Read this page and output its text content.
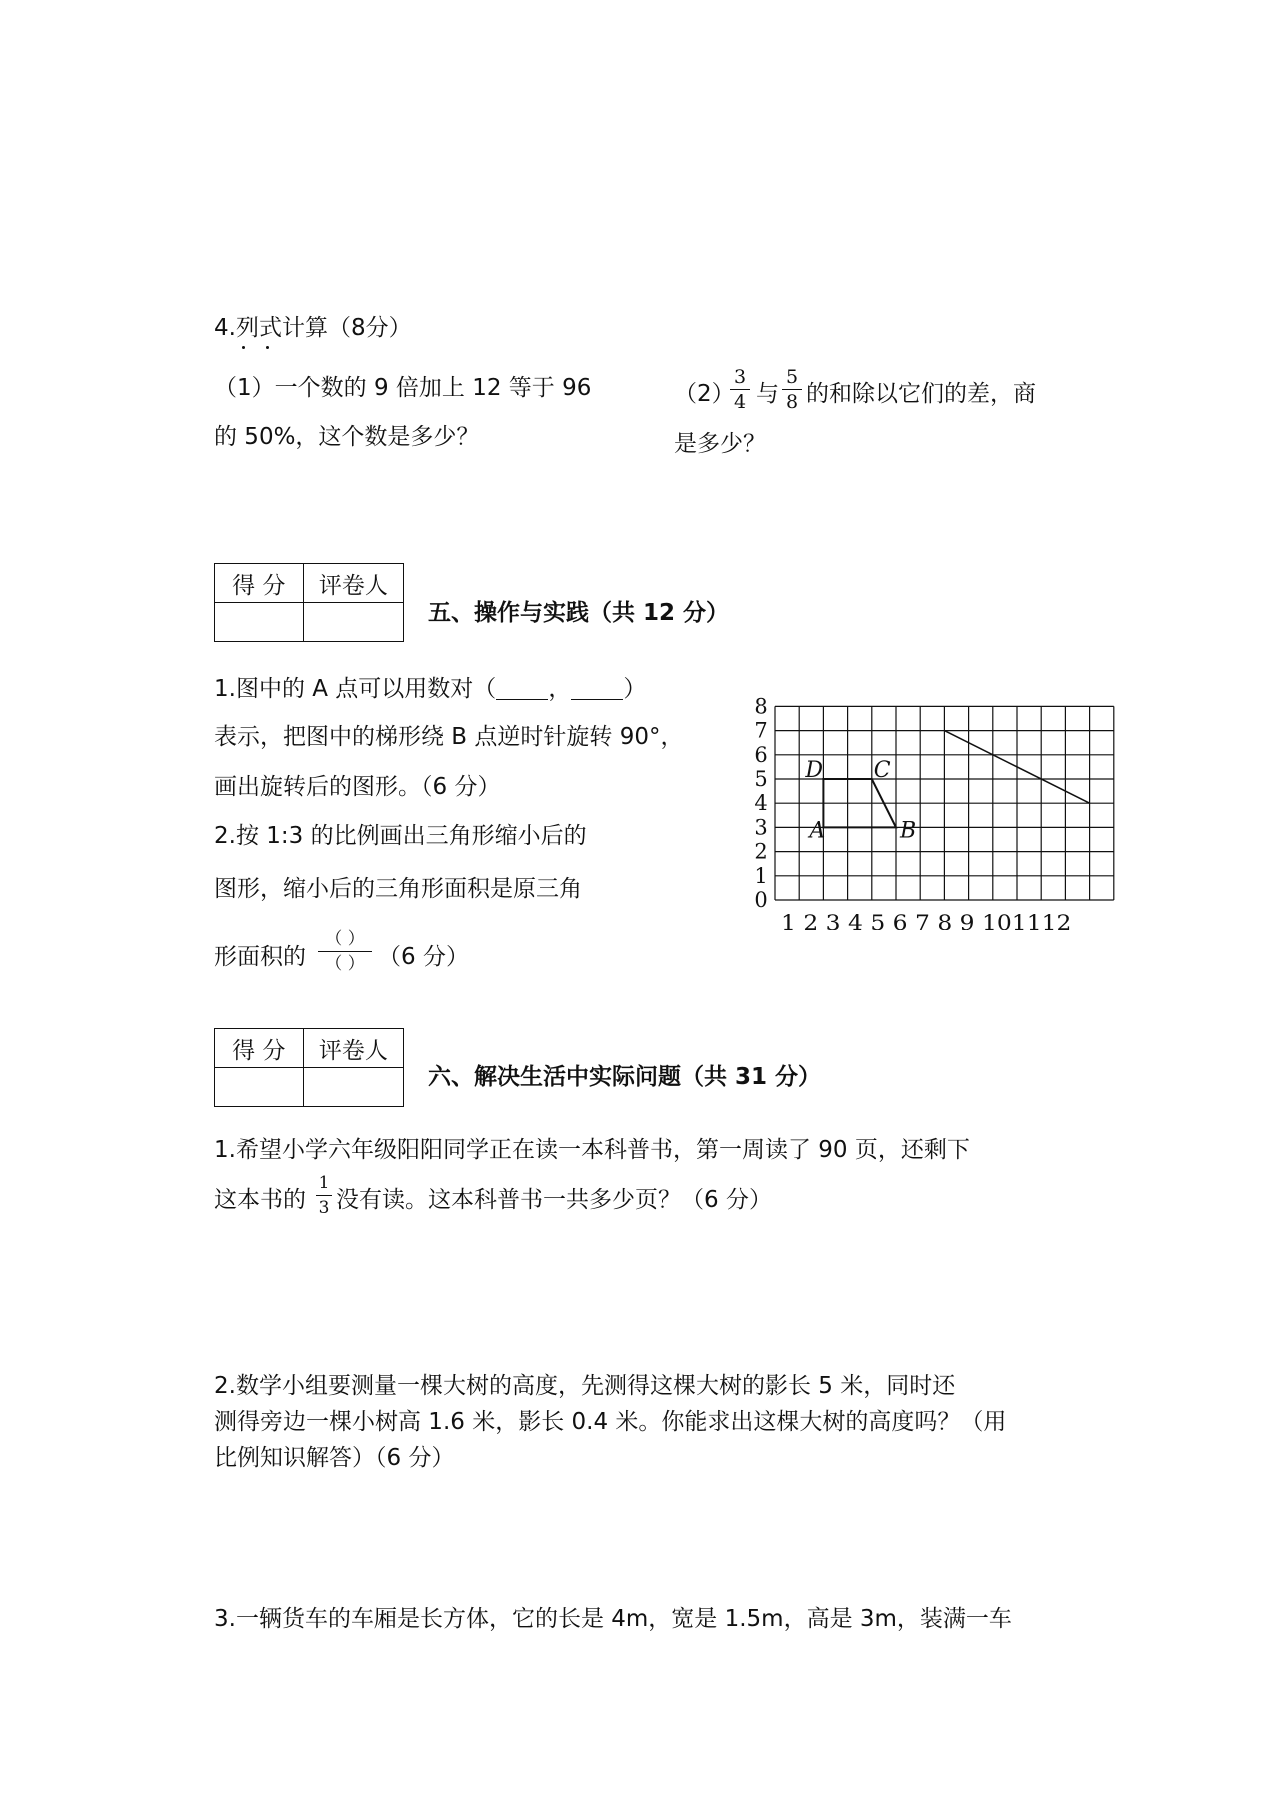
4.列式计算（8分）
（1）一个数的 9 倍加上 12 等于 96
的 50%，这个数是多少？
（2）
3
4 与
5
8 的和除以它们的差，商
是多少？
得 分	评卷人

五、操作与实践（共 12 分）
1.图中的 A 点可以用数对（ ， ）
表示，把图中的梯形绕 B 点逆时针旋转 90°，
画出旋转后的图形。（6 分）
2.按 1:3 的比例画出三角形缩小后的
图形，缩小后的三角形面积是原三角
形面积的
（ ）
（ ） （6 分）
0
1
2
3
4
5
6
7
8
1 2 3 4 5 6 7 8 9 101112
A	B
C
D
得 分	评卷人

六、解决生活中实际问题（共 31 分）
1.希望小学六年级阳阳同学正在读一本科普书，第一周读了 90 页，还剩下
这本书的
1
3 没有读。这本科普书一共多少页？（6 分）
2.数学小组要测量一棵大树的高度，先测得这棵大树的影长 5 米，同时还
测得旁边一棵小树高 1.6 米，影长 0.4 米。你能求出这棵大树的高度吗？（用
比例知识解答）（6 分）
3.一辆货车的车厢是长方体，它的长是 4m，宽是 1.5m，高是 3m，装满一车
